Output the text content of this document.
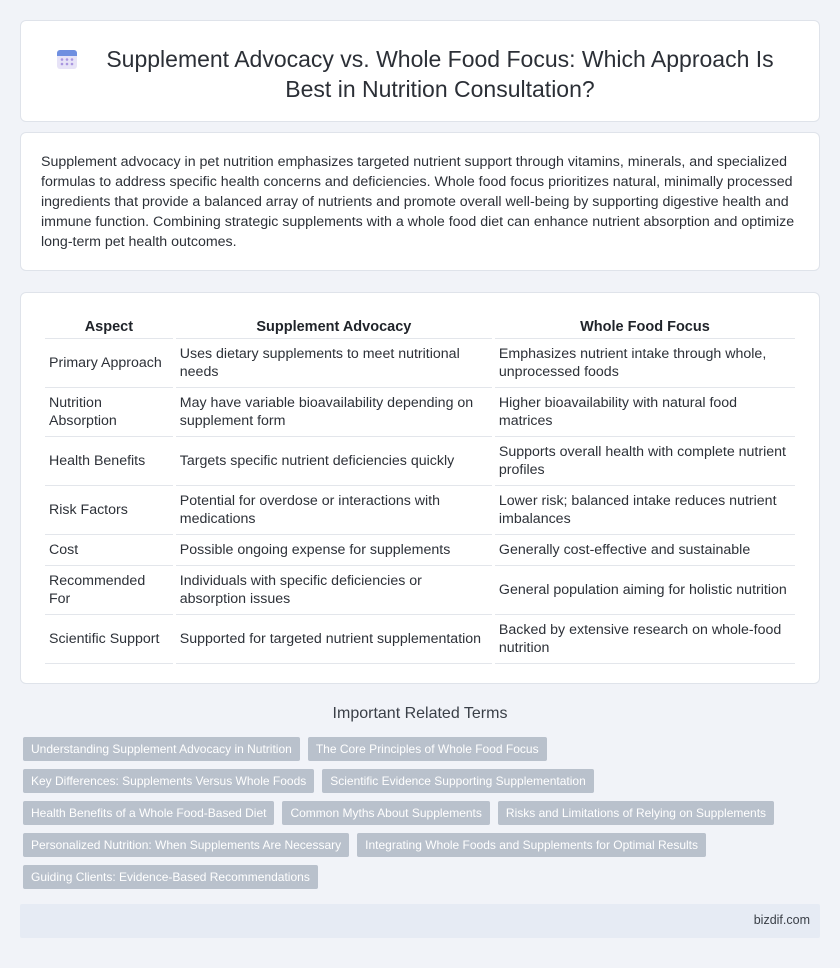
Supplement Advocacy vs. Whole Food Focus: Which Approach Is Best in Nutrition Consultation?

Supplement advocacy in pet nutrition emphasizes targeted nutrient support through vitamins, minerals, and specialized formulas to address specific health concerns and deficiencies. Whole food focus prioritizes natural, minimally processed ingredients that provide a balanced array of nutrients and promote overall well-being by supporting digestive health and immune function. Combining strategic supplements with a whole food diet can enhance nutrient absorption and optimize long-term pet health outcomes.

Aspect	Supplement Advocacy	Whole Food Focus
Primary Approach	Uses dietary supplements to meet nutritional needs	Emphasizes nutrient intake through whole, unprocessed foods
Nutrition Absorption	May have variable bioavailability depending on supplement form	Higher bioavailability with natural food matrices
Health Benefits	Targets specific nutrient deficiencies quickly	Supports overall health with complete nutrient profiles
Risk Factors	Potential for overdose or interactions with medications	Lower risk; balanced intake reduces nutrient imbalances
Cost	Possible ongoing expense for supplements	Generally cost-effective and sustainable
Recommended For	Individuals with specific deficiencies or absorption issues	General population aiming for holistic nutrition
Scientific Support	Supported for targeted nutrient supplementation	Backed by extensive research on whole-food nutrition
Important Related Terms
Understanding Supplement Advocacy in Nutrition	The Core Principles of Whole Food Focus
Key Differences: Supplements Versus Whole Foods	Scientific Evidence Supporting Supplementation
Health Benefits of a Whole Food-Based Diet	Common Myths About Supplements	Risks and Limitations of Relying on Supplements
Personalized Nutrition: When Supplements Are Necessary	Integrating Whole Foods and Supplements for Optimal Results
Guiding Clients: Evidence-Based Recommendations
bizdif.com
